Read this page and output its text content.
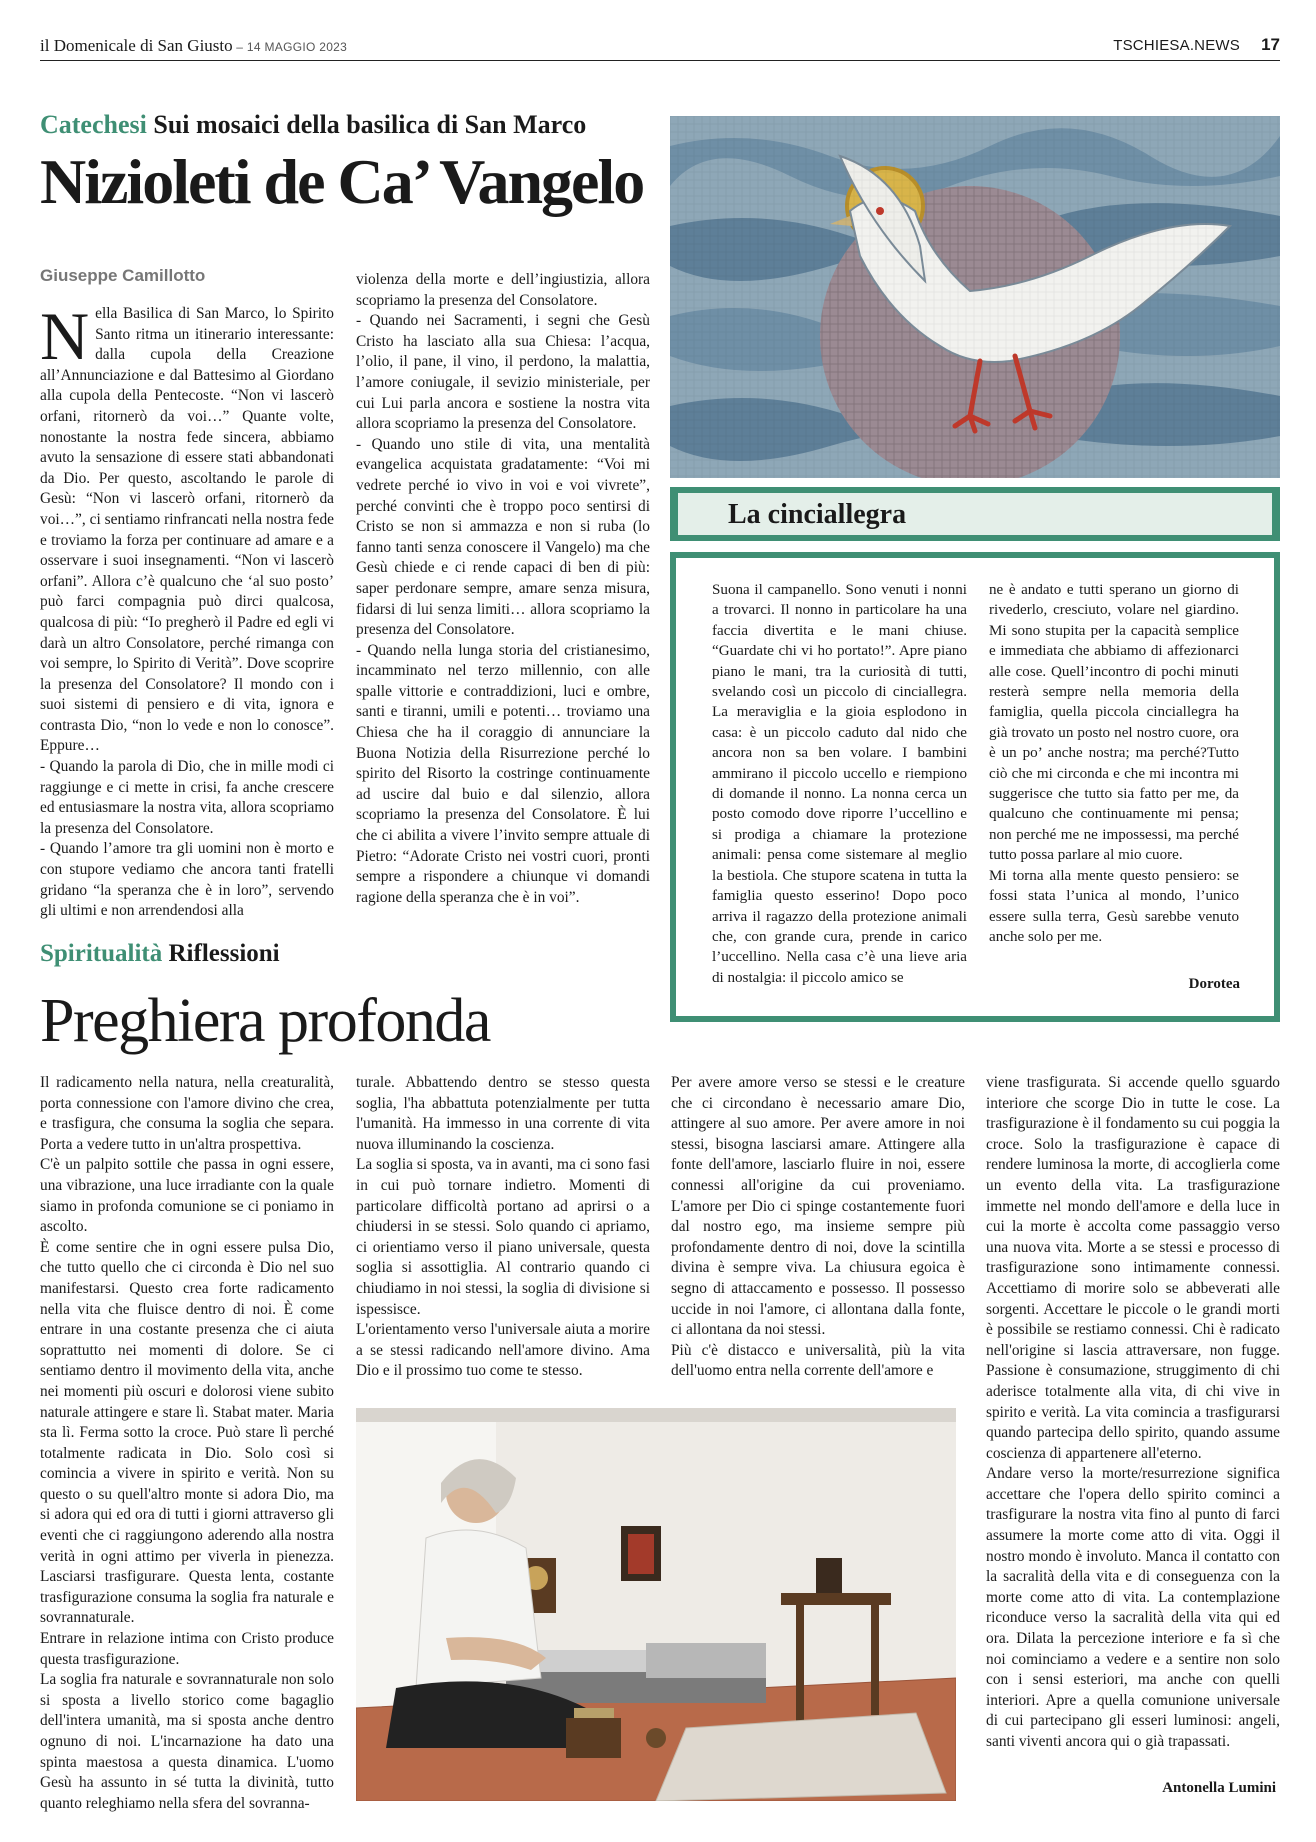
il Domenicale di San Giusto – 14 MAGGIO 2023	TSCHIESA.NEWS 17
Catechesi Sui mosaici della basilica di San Marco
Nizioleti de Ca’ Vangelo
Giuseppe Camillotto

Nella Basilica di San Marco, lo Spirito Santo ritma un itinerario interessante: dalla cupola della Creazione all’Annunciazione e dal Battesimo al Giordano alla cupola della Pentecoste. “Non vi lascerò orfani, ritornerò da voi…” Quante volte, nonostante la nostra fede sincera, abbiamo avuto la sensazione di essere stati abbandonati da Dio. Per questo, ascoltando le parole di Gesù: “Non vi lascerò orfani, ritornerò da voi…”, ci sentiamo rinfrancati nella nostra fede e troviamo la forza per continuare ad amare e a osservare i suoi insegnamenti. “Non vi lascerò orfani”. Allora c’è qualcuno che ‘al suo posto’ può farci compagnia può dirci qualcosa, qualcosa di più: “Io pregherò il Padre ed egli vi darà un altro Consolatore, perché rimanga con voi sempre, lo Spirito di Verità”. Dove scoprire la presenza del Consolatore? Il mondo con i suoi sistemi di pensiero e di vita, ignora e contrasta Dio, “non lo vede e non lo conosce”. Eppure…

- Quando la parola di Dio, che in mille modi ci raggiunge e ci mette in crisi, fa anche crescere ed entusiasmare la nostra vita, allora scopriamo la presenza del Consolatore.

- Quando l’amore tra gli uomini non è morto e con stupore vediamo che ancora tanti fratelli gridano “la speranza che è in loro”, servendo gli ultimi e non arrendendosi alla

violenza della morte e dell’ingiustizia, allora scopriamo la presenza del Consolatore.

- Quando nei Sacramenti, i segni che Gesù Cristo ha lasciato alla sua Chiesa: l’acqua, l’olio, il pane, il vino, il perdono, la malattia, l’amore coniugale, il sevizio ministeriale, per cui Lui parla ancora e sostiene la nostra vita allora scopriamo la presenza del Consolatore.

- Quando uno stile di vita, una mentalità evangelica acquistata gradatamente: “Voi mi vedrete perché io vivo in voi e voi vivrete”, perché convinti che è troppo poco sentirsi di Cristo se non si ammazza e non si ruba (lo fanno tanti senza conoscere il Vangelo) ma che Gesù chiede e ci rende capaci di ben di più: saper perdonare sempre, amare senza misura, fidarsi di lui senza limiti… allora scopriamo la presenza del Consolatore.

- Quando nella lunga storia del cristianesimo, incamminato nel terzo millennio, con alle spalle vittorie e contraddizioni, luci e ombre, santi e tiranni, umili e potenti… troviamo una Chiesa che ha il coraggio di annunciare la Buona Notizia della Risurrezione perché lo spirito del Risorto la costringe continuamente ad uscire dal buio e dal silenzio, allora scopriamo la presenza del Consolatore. È lui che ci abilita a vivere l’invito sempre attuale di Pietro: “Adorate Cristo nei vostri cuori, pronti sempre a rispondere a chiunque vi domandi ragione della speranza che è in voi”.

La cinciallegra

Suona il campanello. Sono venuti i nonni a trovarci. Il nonno in particolare ha una faccia divertita e le mani chiuse. “Guardate chi vi ho portato!”. Apre piano piano le mani, tra la curiosità di tutti, svelando così un piccolo di cinciallegra. La meraviglia e la gioia esplodono in casa: è un piccolo caduto dal nido che ancora non sa ben volare. I bambini ammirano il piccolo uccello e riempiono di domande il nonno. La nonna cerca un posto comodo dove riporre l’uccellino e si prodiga a chiamare la protezione animali: pensa come sistemare al meglio la bestiola. Che stupore scatena in tutta la famiglia questo esserino! Dopo poco arriva il ragazzo della protezione animali che, con grande cura, prende in carico l’uccellino. Nella casa c’è una lieve aria di nostalgia: il piccolo amico se

ne è andato e tutti sperano un giorno di rivederlo, cresciuto, volare nel giardino. Mi sono stupita per la capacità semplice e immediata che abbiamo di affezionarci alle cose. Quell’incontro di pochi minuti resterà sempre nella memoria della famiglia, quella piccola cinciallegra ha già trovato un posto nel nostro cuore, ora è un po’ anche nostra; ma perché?Tutto ciò che mi circonda e che mi incontra mi suggerisce che tutto sia fatto per me, da qualcuno che continuamente mi pensa; non perché me ne impossessi, ma perché tutto possa parlare al mio cuore.

Mi torna alla mente questo pensiero: se fossi stata l’unica al mondo, l’unico essere sulla terra, Gesù sarebbe venuto anche solo per me.

Dorotea
Spiritualità Riflessioni
Preghiera profonda

Il radicamento nella natura, nella creaturalità, porta connessione con l'amore divino che crea, e trasfigura, che consuma la soglia che separa. Porta a vedere tutto in un'altra prospettiva.

C'è un palpito sottile che passa in ogni essere, una vibrazione, una luce irradiante con la quale siamo in profonda comunione se ci poniamo in ascolto.

È come sentire che in ogni essere pulsa Dio, che tutto quello che ci circonda è Dio nel suo manifestarsi. Questo crea forte radicamento nella vita che fluisce dentro di noi. È come entrare in una costante presenza che ci aiuta soprattutto nei momenti di dolore. Se ci sentiamo dentro il movimento della vita, anche nei momenti più oscuri e dolorosi viene subito naturale attingere e stare lì. Stabat mater. Maria sta lì. Ferma sotto la croce. Può stare lì perché totalmente radicata in Dio. Solo così si comincia a vivere in spirito e verità. Non su questo o su quell'altro monte si adora Dio, ma si adora qui ed ora di tutti i giorni attraverso gli eventi che ci raggiungono aderendo alla nostra verità in ogni attimo per viverla in pienezza. Lasciarsi trasfigurare. Questa lenta, costante trasfigurazione consuma la soglia fra naturale e sovrannaturale.

Entrare in relazione intima con Cristo produce questa trasfigurazione.

La soglia fra naturale e sovrannaturale non solo si sposta a livello storico come bagaglio dell'intera umanità, ma si sposta anche dentro ognuno di noi. L'incarnazione ha dato una spinta maestosa a questa dinamica. L'uomo Gesù ha assunto in sé tutta la divinità, tutto quanto releghiamo nella sfera del sovranna-

turale. Abbattendo dentro se stesso questa soglia, l'ha abbattuta potenzialmente per tutta l'umanità. Ha immesso in una corrente di vita nuova illuminando la coscienza.

La soglia si sposta, va in avanti, ma ci sono fasi in cui può tornare indietro. Momenti di particolare difficoltà portano ad aprirsi o a chiudersi in se stessi. Solo quando ci apriamo, ci orientiamo verso il piano universale, questa soglia si assottiglia. Al contrario quando ci chiudiamo in noi stessi, la soglia di divisione si ispessisce.

L'orientamento verso l'universale aiuta a morire a se stessi radicando nell'amore divino. Ama Dio e il prossimo tuo come te stesso.

Per avere amore verso se stessi e le creature che ci circondano è necessario amare Dio, attingere al suo amore. Per avere amore in noi stessi, bisogna lasciarsi amare. Attingere alla fonte dell'amore, lasciarlo fluire in noi, essere connessi all'origine da cui proveniamo. L'amore per Dio ci spinge costantemente fuori dal nostro ego, ma insieme sempre più profondamente dentro di noi, dove la scintilla divina è sempre viva. La chiusura egoica è segno di attaccamento e possesso. Il possesso uccide in noi l'amore, ci allontana dalla fonte, ci allontana da noi stessi.

Più c'è distacco e universalità, più la vita dell'uomo entra nella corrente dell'amore e

viene trasfigurata. Si accende quello sguardo interiore che scorge Dio in tutte le cose. La trasfigurazione è il fondamento su cui poggia la croce. Solo la trasfigurazione è capace di rendere luminosa la morte, di accoglierla come un evento della vita. La trasfigurazione immette nel mondo dell'amore e della luce in cui la morte è accolta come passaggio verso una nuova vita. Morte a se stessi e processo di trasfigurazione sono intimamente connessi. Accettiamo di morire solo se abbeverati alle sorgenti. Accettare le piccole o le grandi morti è possibile se restiamo connessi. Chi è radicato nell'origine si lascia attraversare, non fugge. Passione è consumazione, struggimento di chi aderisce totalmente alla vita, di chi vive in spirito e verità. La vita comincia a trasfigurarsi quando partecipa dello spirito, quando assume coscienza di appartenere all'eterno.

Andare verso la morte/resurrezione significa accettare che l'opera dello spirito cominci a trasfigurare la nostra vita fino al punto di farci assumere la morte come atto di vita. Oggi il nostro mondo è involuto. Manca il contatto con la sacralità della vita e di conseguenza con la morte come atto di vita. La contemplazione riconduce verso la sacralità della vita qui ed ora. Dilata la percezione interiore e fa sì che noi cominciamo a vedere e a sentire non solo con i sensi esteriori, ma anche con quelli interiori. Apre a quella comunione universale di cui partecipano gli esseri luminosi: angeli, santi viventi ancora qui o già trapassati.

Antonella Lumini
